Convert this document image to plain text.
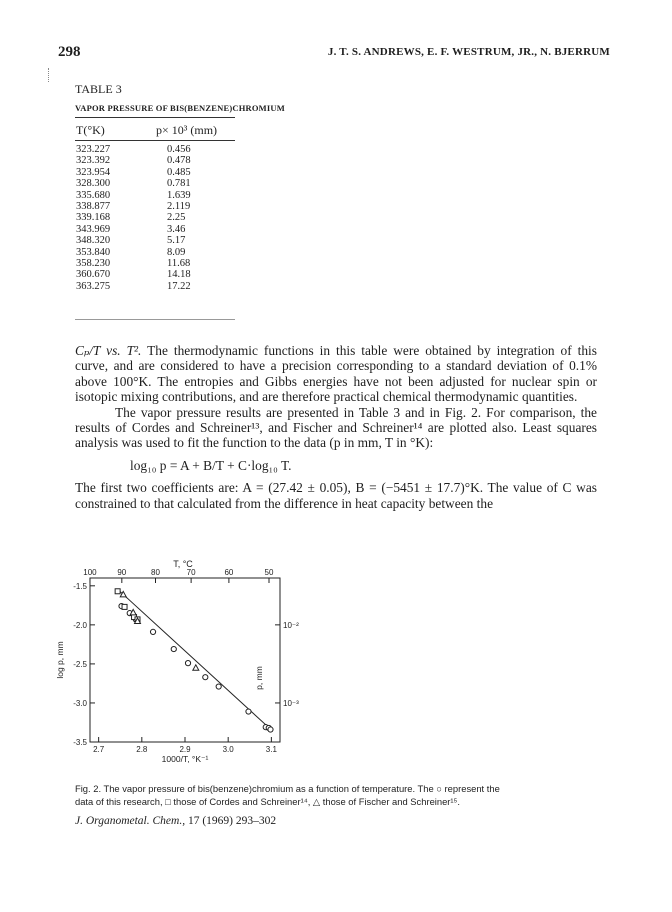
298	J. T. S. ANDREWS, E. F. WESTRUM, JR., N. BJERRUM
TABLE 3
VAPOR PRESSURE OF BIS(BENZENE)CHROMIUM
T(°K)	p× 10³ (mm)
323.227	0.456
323.392	0.478
323.954	0.485
328.300	0.781
335.680	1.639
338.877	2.119
339.168	2.25
343.969	3.46
348.320	5.17
353.840	8.09
358.230	11.68
360.670	14.18
363.275	17.22

Cₚ/T vs. T². The thermodynamic functions in this table were obtained by integration of this curve, and are considered to have a precision corresponding to a standard deviation of 0.1% above 100°K. The entropies and Gibbs energies have not been adjusted for nuclear spin or isotopic mixing contributions, and are therefore practical chemical thermodynamic quantities.

The vapor pressure results are presented in Table 3 and in Fig. 2. For comparison, the results of Cordes and Schreiner¹³, and Fischer and Schreiner¹⁴ are plotted also. Least squares analysis was used to fit the function to the data (p in mm, T in °K):

log₁₀ p = A + B/T + C·log₁₀ T.

The first two coefficients are: A = (27.42 ± 0.05), B = (−5451 ± 17.7)°K. The value of C was constrained to that calculated from the difference in heat capacity between the

2.7	2.8	2.9	3.0	3.1
-1.5
-2.0
-2.5
-3.0
-3.5
100	90	80	70	60	50
10⁻²
10⁻³
T, °C
1000/T, °K⁻¹
log p, mm	p, mm
Fig. 2. The vapor pressure of bis(benzene)chromium as a function of temperature. The ○ represent the
data of this research, □ those of Cordes and Schreiner¹⁴, △ those of Fischer and Schreiner¹⁵.
J. Organometal. Chem., 17 (1969) 293–302
